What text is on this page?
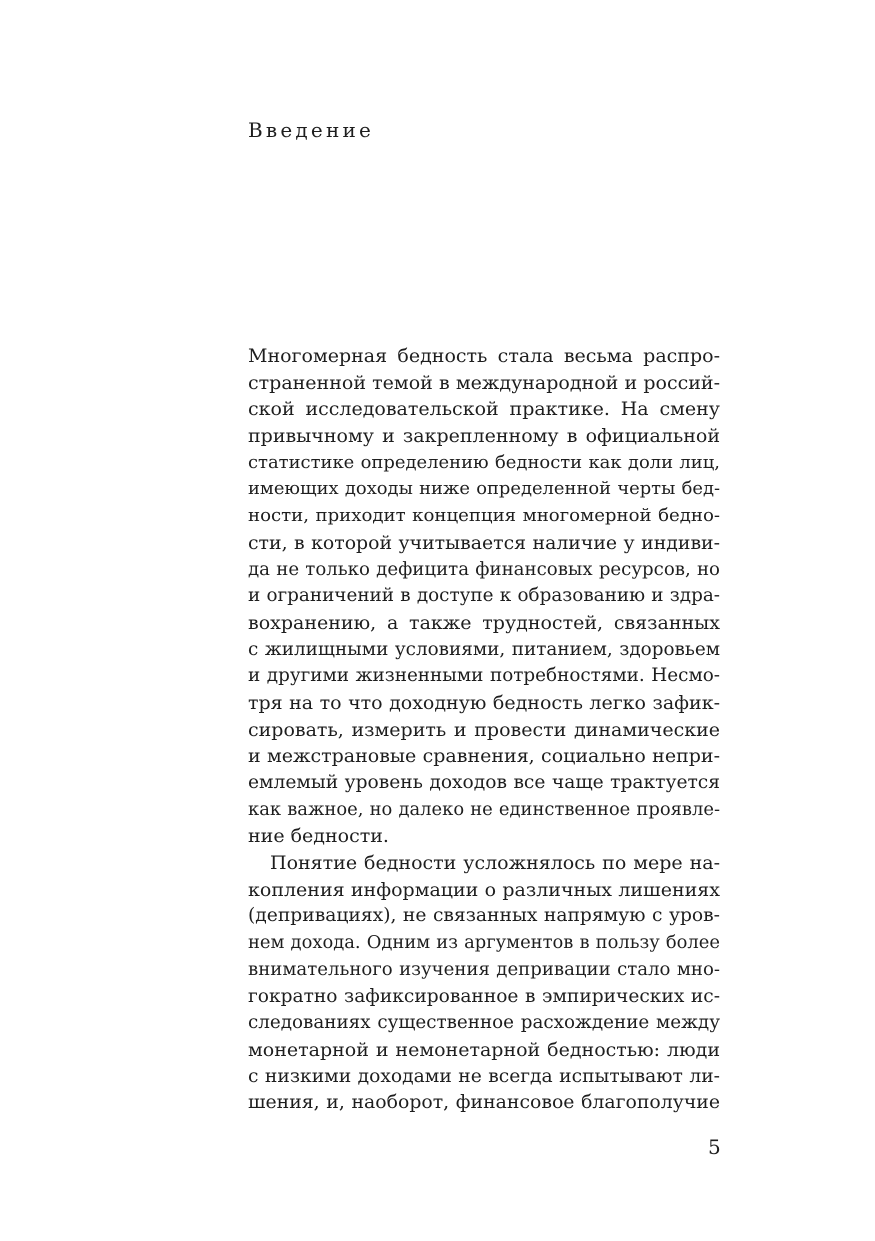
Введение
Многомерная бедность стала весьма распро-
страненной темой в международной и россий-
ской исследовательской практике. На смену
привычному и закрепленному в официальной
статистике определению бедности как доли лиц,
имеющих доходы ниже определенной черты бед-
ности, приходит концепция многомерной бедно-
сти, в которой учитывается наличие у индиви-
да не только дефицита финансовых ресурсов, но
и ограничений в доступе к образованию и здра-
вохранению, а также трудностей, связанных
с жилищными условиями, питанием, здоровьем
и другими жизненными потребностями. Несмо-
тря на то что доходную бедность легко зафик-
сировать, измерить и провести динамические
и межстрановые сравнения, социально непри-
емлемый уровень доходов все чаще трактуется
как важное, но далеко не единственное проявле-
ние бедности.
Понятие бедности усложнялось по мере на-
копления информации о различных лишениях
(депривациях), не связанных напрямую с уров-
нем дохода. Одним из аргументов в пользу более
внимательного изучения депривации стало мно-
гократно зафиксированное в эмпирических ис-
следованиях существенное расхождение между
монетарной и немонетарной бедностью: люди
с низкими доходами не всегда испытывают ли-
шения, и, наоборот, финансовое благополучие

5
